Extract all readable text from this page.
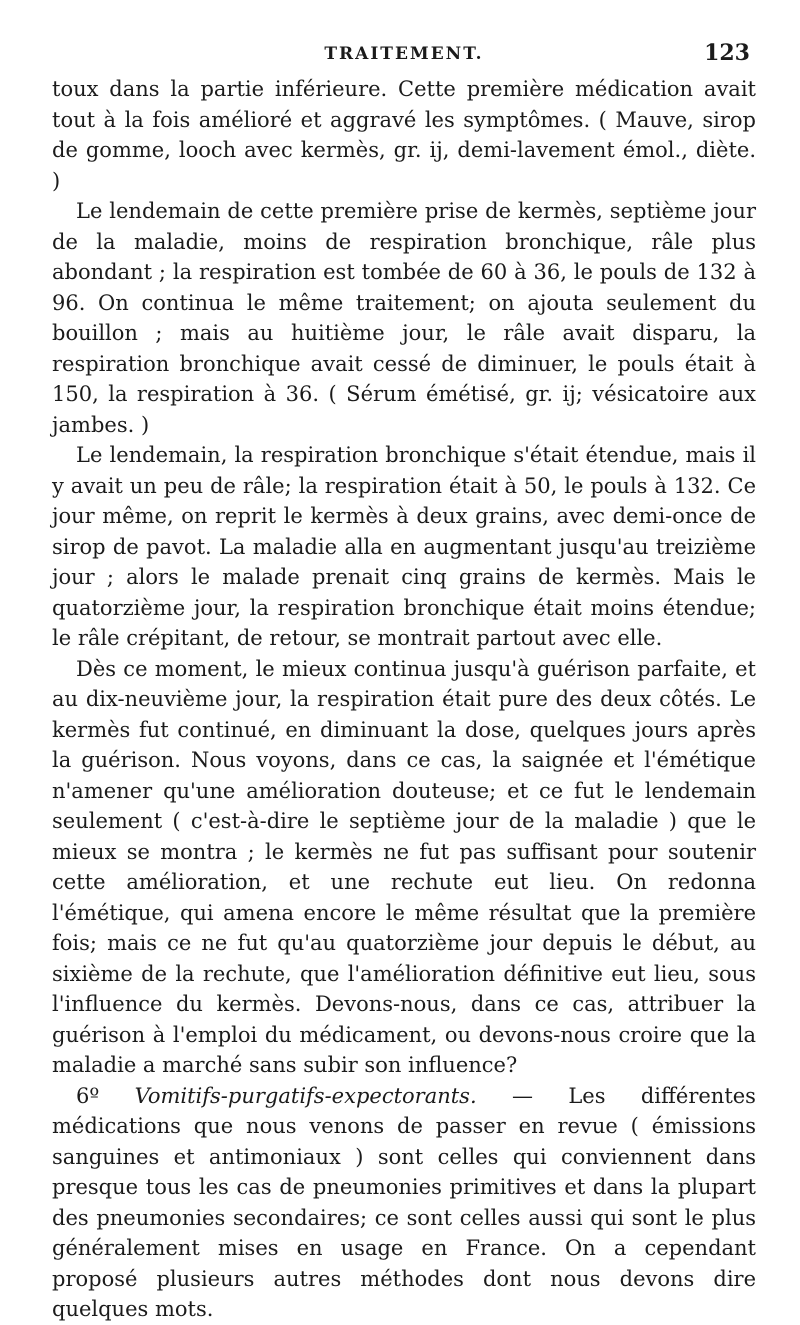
TRAITEMENT.	123

toux dans la partie inférieure. Cette première médication avait tout à la fois amélioré et aggravé les symptômes. ( Mauve, sirop de gomme, looch avec kermès, gr. ij, demi-lavement émol., diète. )

Le lendemain de cette première prise de kermès, septième jour de la maladie, moins de respiration bronchique, râle plus abondant ; la respiration est tombée de 60 à 36, le pouls de 132 à 96. On continua le même traitement; on ajouta seulement du bouillon ; mais au huitième jour, le râle avait disparu, la respiration bronchique avait cessé de diminuer, le pouls était à 150, la respiration à 36. ( Sérum émétisé, gr. ij; vésicatoire aux jambes. )

Le lendemain, la respiration bronchique s'était étendue, mais il y avait un peu de râle; la respiration était à 50, le pouls à 132. Ce jour même, on reprit le kermès à deux grains, avec demi-once de sirop de pavot. La maladie alla en augmentant jusqu'au treizième jour ; alors le malade prenait cinq grains de kermès. Mais le quatorzième jour, la respiration bronchique était moins étendue; le râle crépitant, de retour, se montrait partout avec elle.

Dès ce moment, le mieux continua jusqu'à guérison parfaite, et au dix-neuvième jour, la respiration était pure des deux côtés. Le kermès fut continué, en diminuant la dose, quelques jours après la guérison. Nous voyons, dans ce cas, la saignée et l'émétique n'amener qu'une amélioration douteuse; et ce fut le lendemain seulement ( c'est-à-dire le septième jour de la maladie ) que le mieux se montra ; le kermès ne fut pas suffisant pour soutenir cette amélioration, et une rechute eut lieu. On redonna l'émétique, qui amena encore le même résultat que la première fois; mais ce ne fut qu'au quatorzième jour depuis le début, au sixième de la rechute, que l'amélioration définitive eut lieu, sous l'influence du kermès. Devons-nous, dans ce cas, attribuer la guérison à l'emploi du médicament, ou devons-nous croire que la maladie a marché sans subir son influence?

6º Vomitifs-purgatifs-expectorants. — Les différentes médications que nous venons de passer en revue ( émissions sanguines et antimoniaux ) sont celles qui conviennent dans presque tous les cas de pneumonies primitives et dans la plupart des pneumonies secondaires; ce sont celles aussi qui sont le plus généralement mises en usage en France. On a cependant proposé plusieurs autres méthodes dont nous devons dire quelques mots.
